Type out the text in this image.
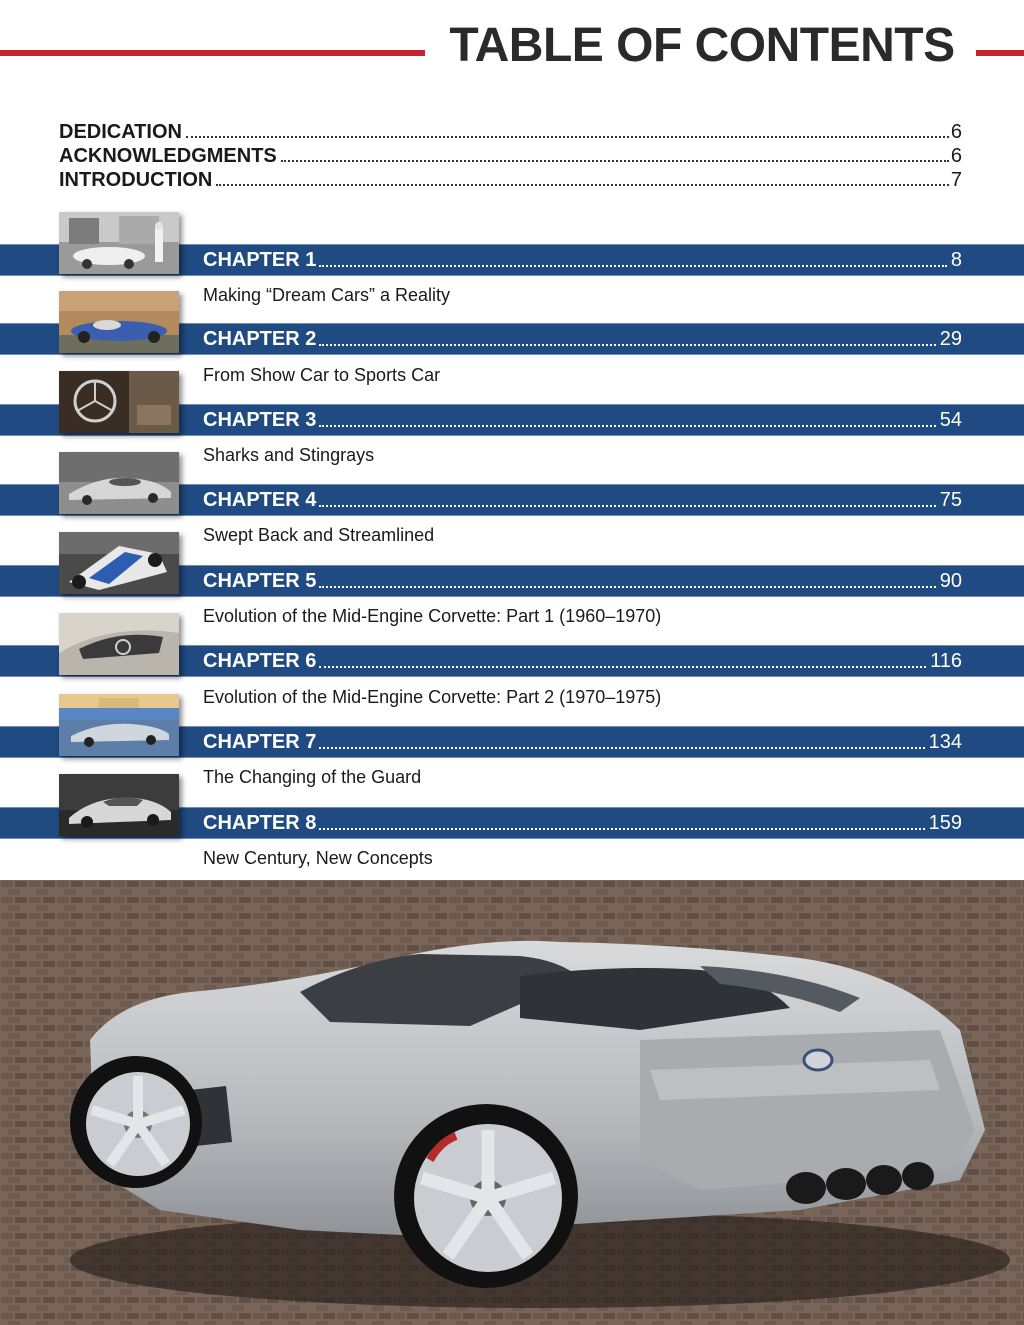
TABLE OF CONTENTS
DEDICATION	6
ACKNOWLEDGMENTS	6
INTRODUCTION	7
CHAPTER 1	8
Making “Dream Cars” a Reality
CHAPTER 2	29
From Show Car to Sports Car
CHAPTER 3	54
Sharks and Stingrays
CHAPTER 4	75
Swept Back and Streamlined
CHAPTER 5	90
Evolution of the Mid-Engine Corvette: Part 1 (1960–1970)
CHAPTER 6	116
Evolution of the Mid-Engine Corvette: Part 2 (1970–1975)
CHAPTER 7	134
The Changing of the Guard
CHAPTER 8	159
New Century, New Concepts
